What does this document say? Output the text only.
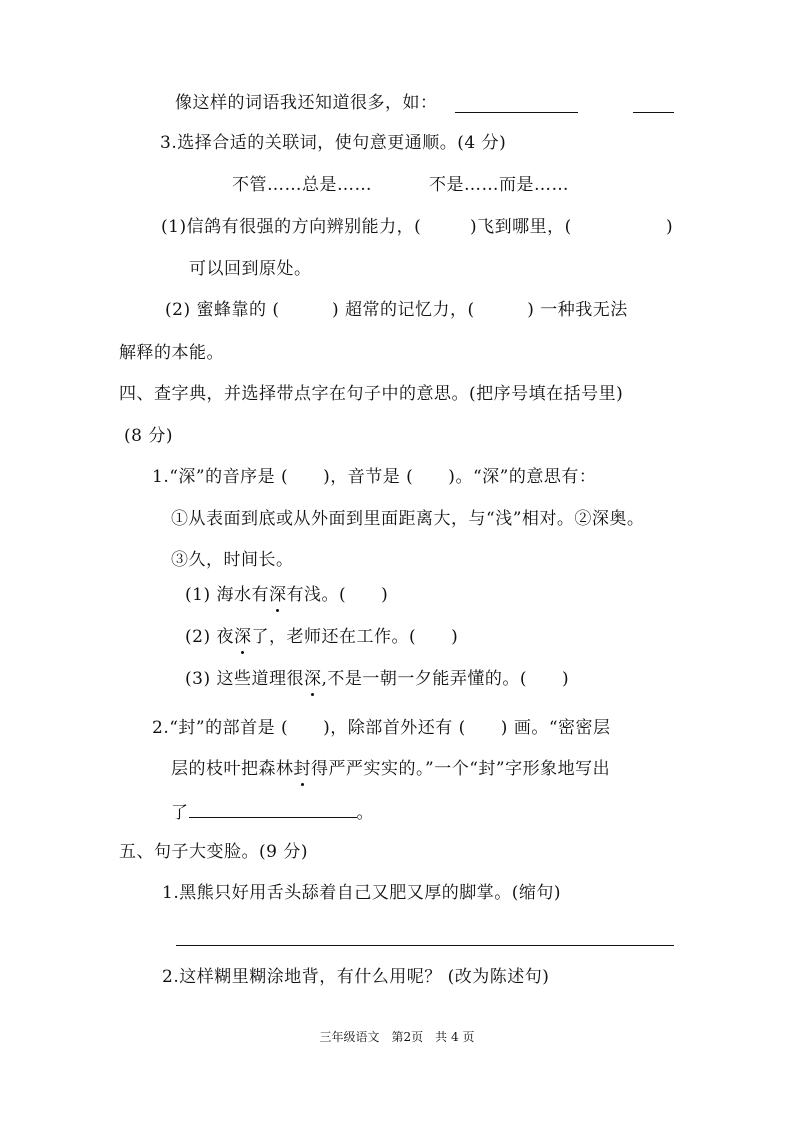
像这样的词语我还知道很多，如：
3.选择合适的关联词，使句意更通顺。(4 分)
不管……总是……	不是……而是……
(1)信鸽有很强的方向辨别能力，(	)飞到哪里，(	)
可以回到原处。
(2) 蜜蜂靠的 (　　　) 超常的记忆力，(　　　) 一种我无法
解释的本能。
四、查字典，并选择带点字在句子中的意思。(把序号填在括号里)
(8 分)
1.“深”的音序是 (　　)，音节是 (　　)。“深”的意思有：
①从表面到底或从外面到里面距离大，与“浅”相对。②深奥。
③久，时间长。
(1) 海水有深有浅。(　　)
(2) 夜深了，老师还在工作。(　　)
(3) 这些道理很深,不是一朝一夕能弄懂的。(　　)
2.“封”的部首是 (　　)，除部首外还有 (　　) 画。“密密层
层的枝叶把森林封得严严实实的。”一个“封”字形象地写出
了	。
五、句子大变脸。(9 分)
1.黑熊只好用舌头舔着自己又肥又厚的脚掌。(缩句)
2.这样糊里糊涂地背，有什么用呢？ (改为陈述句)
三年级语文　第2页　共 4 页
